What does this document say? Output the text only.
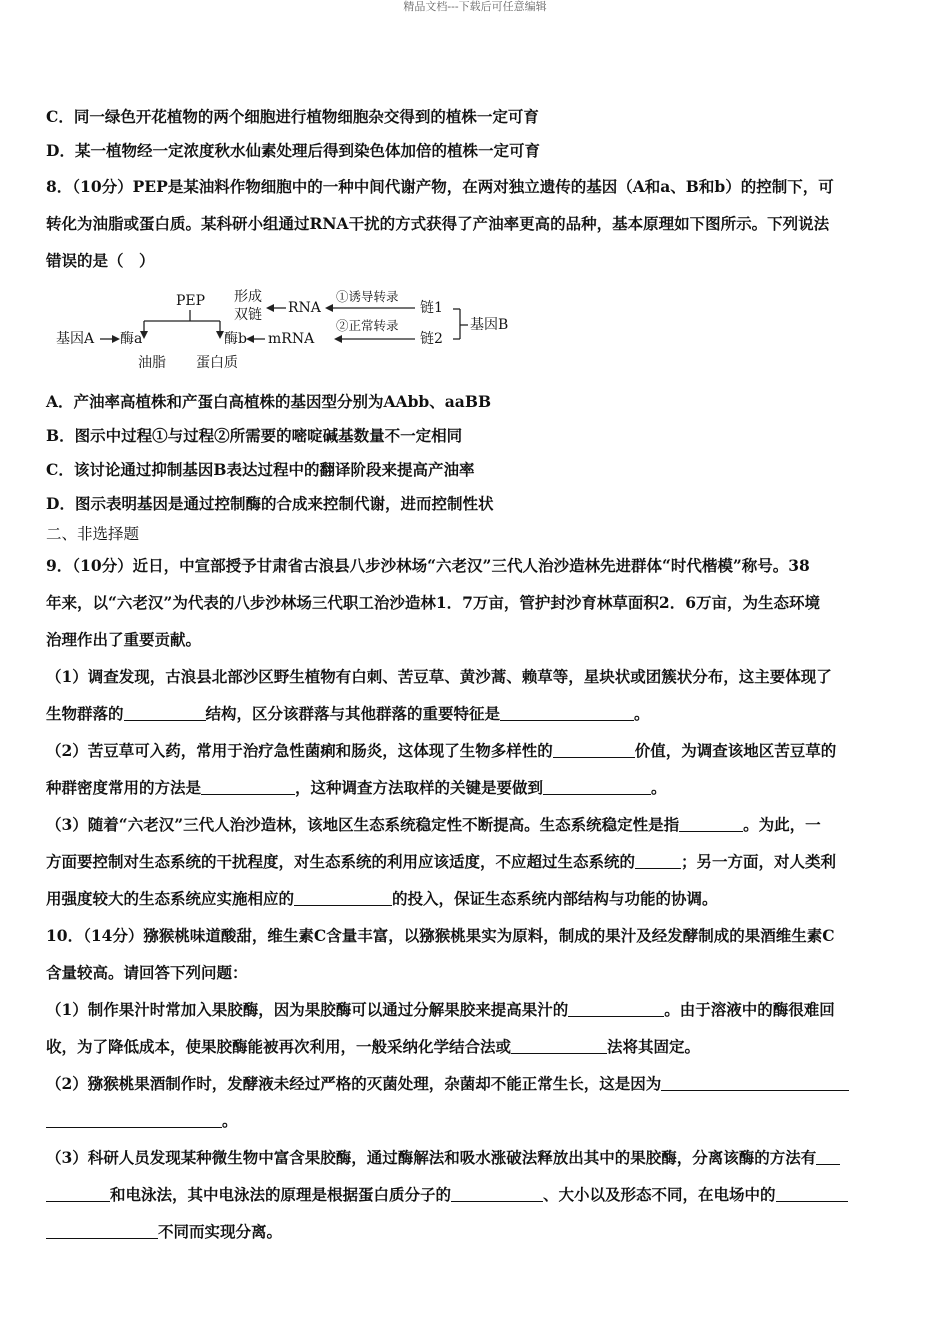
精品文档---下载后可任意编辑
C．同一绿色开花植物的两个细胞进行植物细胞杂交得到的植株一定可育
D．某一植物经一定浓度秋水仙素处理后得到染色体加倍的植株一定可育
8．（10分）PEP是某油料作物细胞中的一种中间代谢产物，在两对独立遗传的基因（A和a、B和b）的控制下，可
转化为油脂或蛋白质。某科研小组通过RNA干扰的方式获得了产油率更高的品种，基本原理如下图所示。下列说法
错误的是（　）
PEP
基因A 酶a	酶b
油脂 蛋白质
形成
双链 RNA
mRNA
①诱导转录
②正常转录
链1
链2
基因B
A．产油率高植株和产蛋白高植株的基因型分别为AAbb、aaBB
B．图示中过程①与过程②所需要的嘧啶碱基数量不一定相同
C．该讨论通过抑制基因B表达过程中的翻译阶段来提高产油率
D．图示表明基因是通过控制酶的合成来控制代谢，进而控制性状
二、非选择题
9．（10分）近日，中宣部授予甘肃省古浪县八步沙林场“六老汉”三代人治沙造林先进群体“时代楷模”称号。38
年来，以“六老汉”为代表的八步沙林场三代职工治沙造林1．7万亩，管护封沙育林草面积2．6万亩，为生态环境
治理作出了重要贡献。
（1）调查发现，古浪县北部沙区野生植物有白刺、苦豆草、黄沙蒿、赖草等，星块状或团簇状分布，这主要体现了
生物群落的	结构，区分该群落与其他群落的重要特征是	。
（2）苦豆草可入药，常用于治疗急性菌痢和肠炎，这体现了生物多样性的	价值，为调查该地区苦豆草的
种群密度常用的方法是	，这种调查方法取样的关键是要做到	。
（3）随着“六老汉”三代人治沙造林，该地区生态系统稳定性不断提高。生态系统稳定性是指	。为此，一
方面要控制对生态系统的干扰程度，对生态系统的利用应该适度，不应超过生态系统的	；另一方面，对人类利
用强度较大的生态系统应实施相应的	的投入，保证生态系统内部结构与功能的协调。
10．（14分）猕猴桃味道酸甜，维生素C含量丰富，以猕猴桃果实为原料，制成的果汁及经发酵制成的果酒维生素C
含量较高。请回答下列问题：
（1）制作果汁时常加入果胶酶，因为果胶酶可以通过分解果胶来提高果汁的	。由于溶液中的酶很难回
收，为了降低成本，使果胶酶能被再次利用，一般采纳化学结合法或	法将其固定。
（2）猕猴桃果酒制作时，发酵液未经过严格的灭菌处理，杂菌却不能正常生长，这是因为
。
（3）科研人员发现某种微生物中富含果胶酶，通过酶解法和吸水涨破法释放出其中的果胶酶，分离该酶的方法有
和电泳法，其中电泳法的原理是根据蛋白质分子的	、大小以及形态不同，在电场中的
不同而实现分离。
